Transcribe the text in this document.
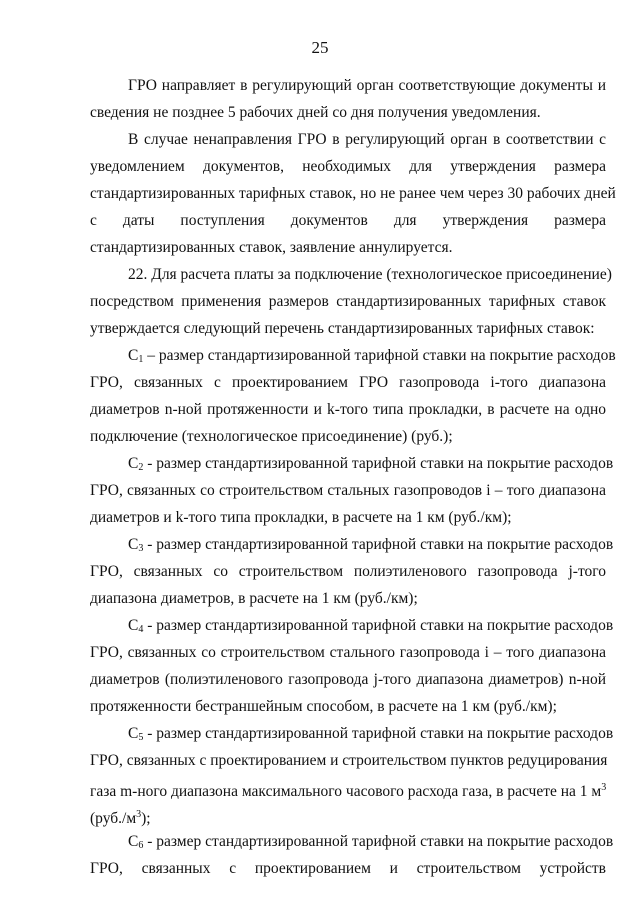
25
ГРО направляет в регулирующий орган соответствующие документы и
сведения не позднее 5 рабочих дней со дня получения уведомления.
В случае ненаправления ГРО в регулирующий орган в соответствии с
уведомлением документов, необходимых для утверждения размера
стандартизированных тарифных ставок, но не ранее чем через 30 рабочих дней
с даты поступления документов для утверждения размера
стандартизированных ставок, заявление аннулируется.
22. Для расчета платы за подключение (технологическое присоединение)
посредством применения размеров стандартизированных тарифных ставок
утверждается следующий перечень стандартизированных тарифных ставок:
$С_1$ – размер стандартизированной тарифной ставки на покрытие расходов
ГРО, связанных с проектированием ГРО газопровода i-того диапазона
диаметров n-ной протяженности и k-того типа прокладки, в расчете на одно
подключение (технологическое присоединение) (руб.);
$С_2$ - размер стандартизированной тарифной ставки на покрытие расходов
ГРО, связанных со строительством стальных газопроводов i – того диапазона
диаметров и k-того типа прокладки, в расчете на 1 км (руб./км);
$С_3$ - размер стандартизированной тарифной ставки на покрытие расходов
ГРО, связанных со строительством полиэтиленового газопровода j-того
диапазона диаметров, в расчете на 1 км (руб./км);
$С_4$ - размер стандартизированной тарифной ставки на покрытие расходов
ГРО, связанных со строительством стального газопровода i – того диапазона
диаметров (полиэтиленового газопровода j-того диапазона диаметров) n-ной
протяженности бестраншейным способом, в расчете на 1 км (руб./км);
$С_5$ - размер стандартизированной тарифной ставки на покрытие расходов
ГРО, связанных с проектированием и строительством пунктов редуцирования
газа m-ного диапазона максимального часового расхода газа, в расчете на 1 $м^3$
$(руб./м^3)$;
$С_6$ - размер стандартизированной тарифной ставки на покрытие расходов
ГРО, связанных с проектированием и строительством устройств
